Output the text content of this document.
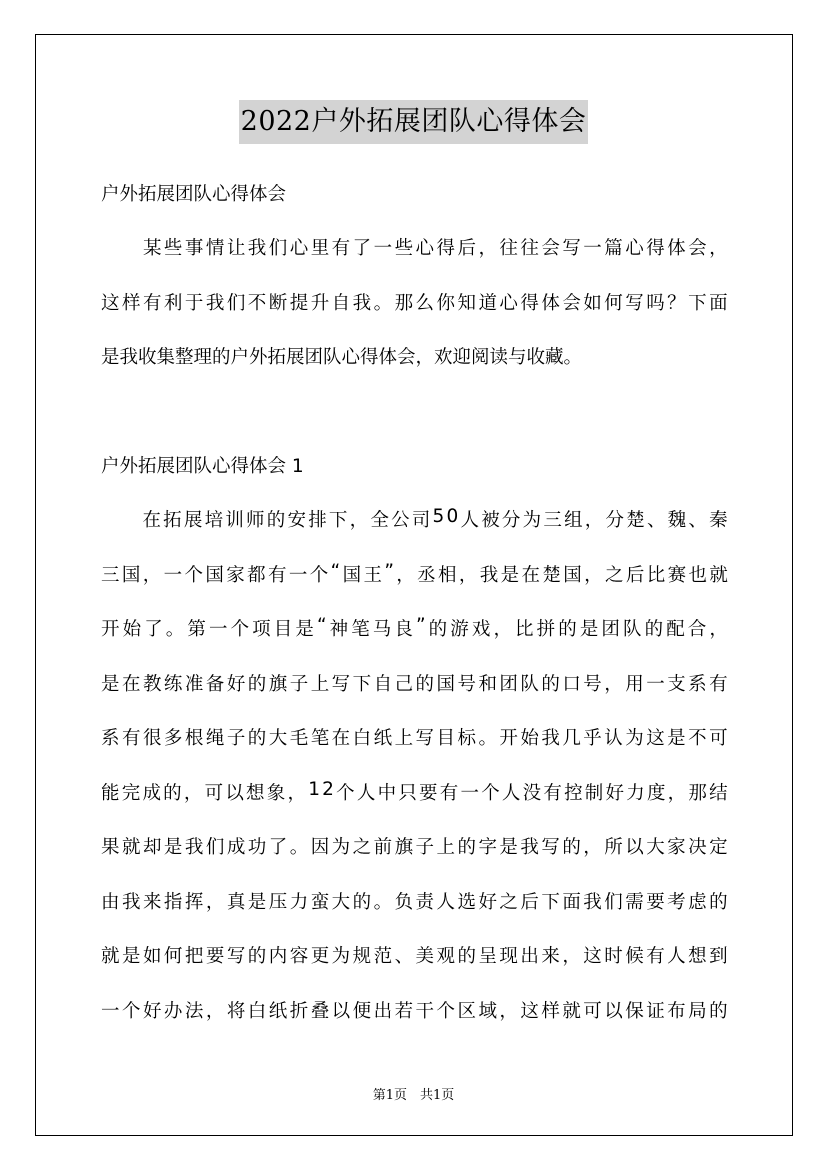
2022户外拓展团队心得体会
户外拓展团队心得体会

某 些 事 情 让 我 们 心 里 有 了 一 些 心 得 后 ， 往 往 会 写 一 篇 心 得 体 会 ，
这 样 有 利 于 我 们 不 断 提 升 自 我 。 那 么 你 知 道 心 得 体 会 如 何 写 吗 ？ 下 面
是我收集整理的户外拓展团队心得体会，欢迎阅读与收藏。
户外拓展团队心得体会 1

在 拓 展 培 训 师 的 安 排 下 ， 全 公 司 5 0 人 被 分 为 三 组 ， 分 楚 、 魏 、 秦
三 国 ， 一 个 国 家 都 有 一 个 “ 国 王 ” ， 丞 相 ， 我 是 在 楚 国 ， 之 后 比 赛 也 就
开 始 了 。 第 一 个 项 目 是 “ 神 笔 马 良 ” 的 游 戏 ， 比 拼 的 是 团 队 的 配 合 ，
是 在 教 练 准 备 好 的 旗 子 上 写 下 自 己 的 国 号 和 团 队 的 口 号 ， 用 一 支 系 有
系 有 很 多 根 绳 子 的 大 毛 笔 在 白 纸 上 写 目 标 。 开 始 我 几 乎 认 为 这 是 不 可
能 完 成 的 ， 可 以 想 象 ， 1 2 个 人 中 只 要 有 一 个 人 没 有 控 制 好 力 度 ， 那 结
果 就 却 是 我 们 成 功 了 。 因 为 之 前 旗 子 上 的 字 是 我 写 的 ， 所 以 大 家 决 定
由 我 来 指 挥 ， 真 是 压 力 蛮 大 的 。 负 责 人 选 好 之 后 下 面 我 们 需 要 考 虑 的
就 是 如 何 把 要 写 的 内 容 更 为 规 范 、 美 观 的 呈 现 出 来 ， 这 时 候 有 人 想 到
一 个 好 办 法 ， 将 白 纸 折 叠 以 便 出 若 干 个 区 域 ， 这 样 就 可 以 保 证 布 局 的
第1页　共1页
